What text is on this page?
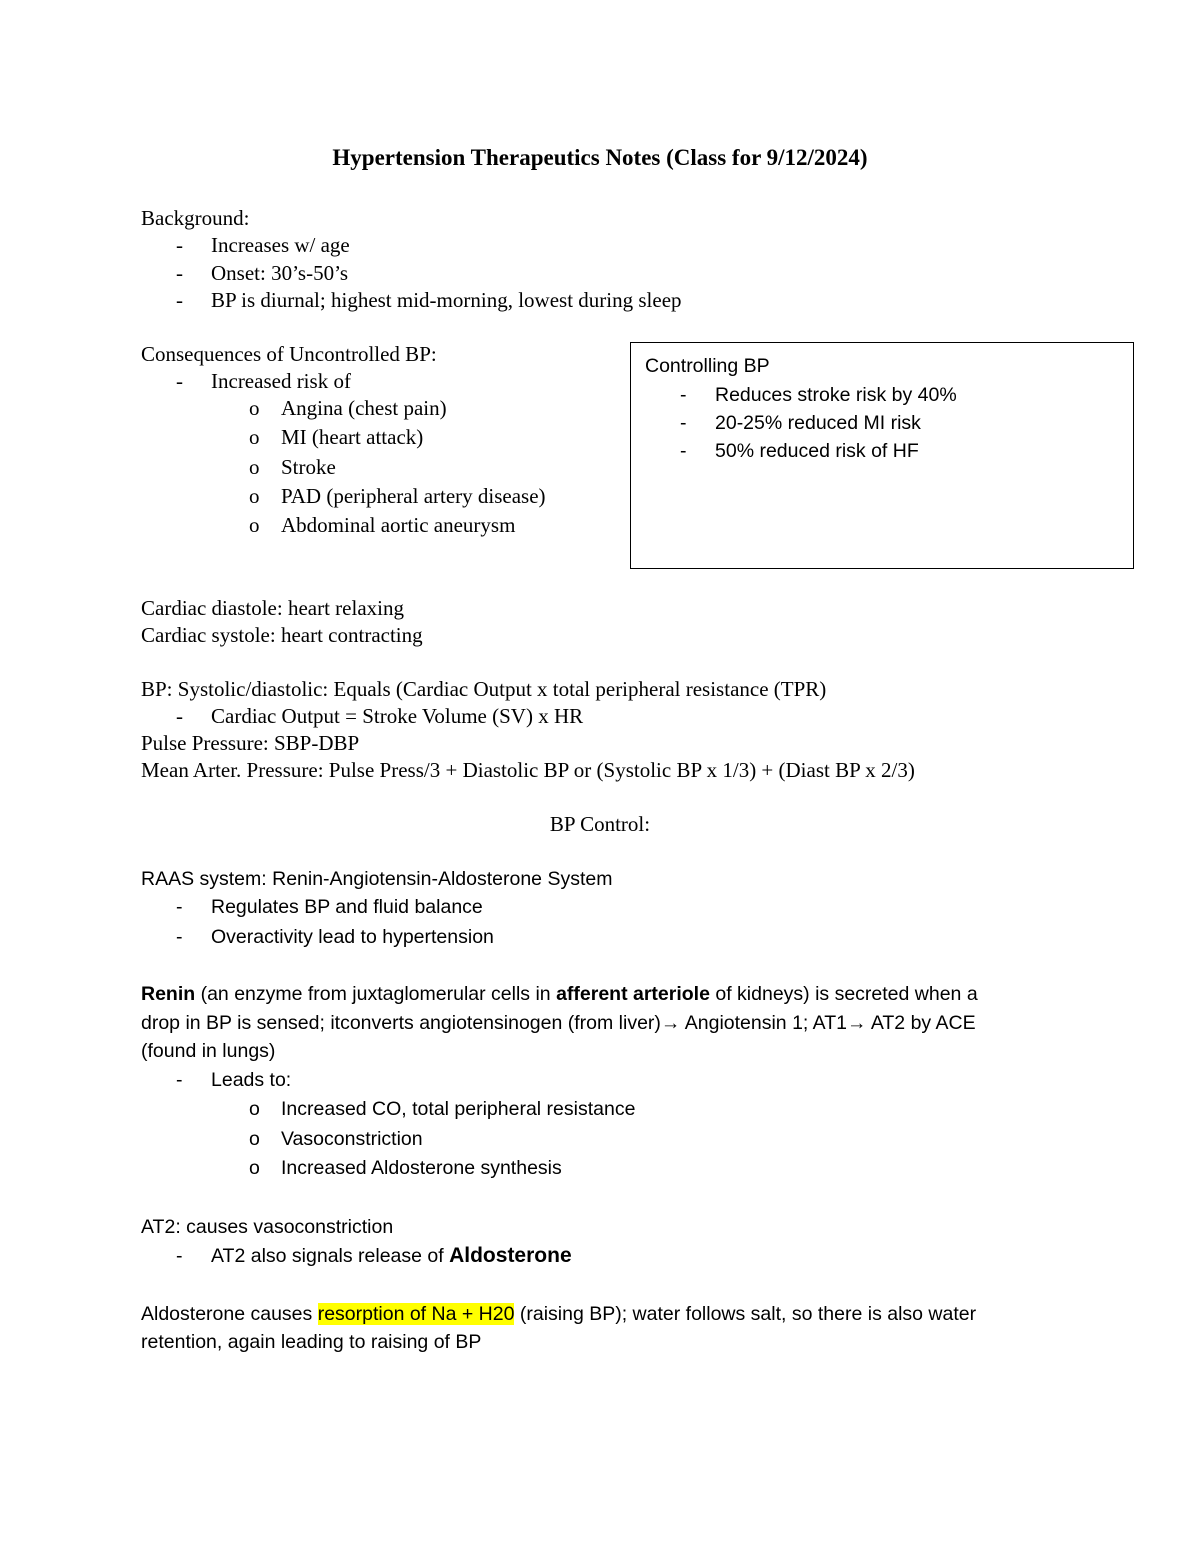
Hypertension Therapeutics Notes (Class for 9/12/2024)
Background:
- Increases w/ age
- Onset: 30’s-50’s
- BP is diurnal; highest mid-morning, lowest during sleep
Consequences of Uncontrolled BP:
- Increased risk of
o Angina (chest pain)
o MI (heart attack)
o Stroke
o PAD (peripheral artery disease)
o Abdominal aortic aneurysm
Controlling BP
- Reduces stroke risk by 40%
- 20-25% reduced MI risk
- 50% reduced risk of HF
Cardiac diastole: heart relaxing
Cardiac systole: heart contracting
BP: Systolic/diastolic: Equals (Cardiac Output x total peripheral resistance (TPR)
- Cardiac Output = Stroke Volume (SV) x HR
Pulse Pressure: SBP-DBP
Mean Arter. Pressure: Pulse Press/3 + Diastolic BP or (Systolic BP x 1/3) + (Diast BP x 2/3)
BP Control:
RAAS system: Renin-Angiotensin-Aldosterone System
- Regulates BP and fluid balance
- Overactivity lead to hypertension
Renin (an enzyme from juxtaglomerular cells in afferent arteriole of kidneys) is secreted when a
drop in BP is sensed; itconverts angiotensinogen (from liver)→ Angiotensin 1; AT1→ AT2 by ACE
(found in lungs)
- Leads to:
o Increased CO, total peripheral resistance
o Vasoconstriction
o Increased Aldosterone synthesis
AT2: causes vasoconstriction
- AT2 also signals release of Aldosterone
Aldosterone causes resorption of Na + H20 (raising BP); water follows salt, so there is also water
retention, again leading to raising of BP
